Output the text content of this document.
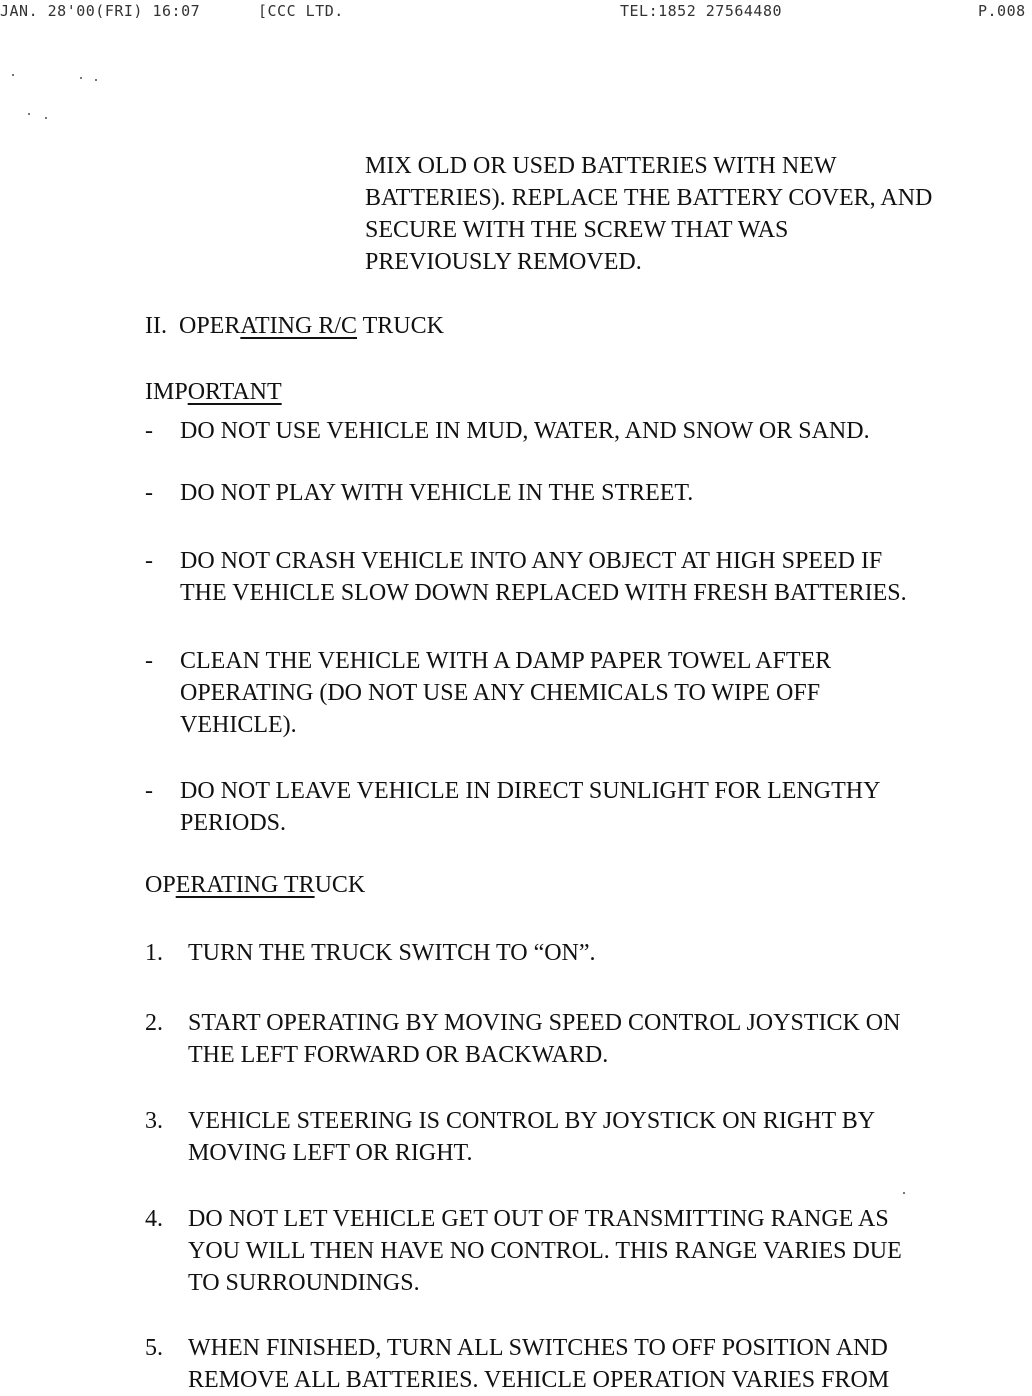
JAN. 28'00(FRI) 16:07	[CCC LTD.	TEL:1852 27564480	P.008

MIX OLD OR USED BATTERIES WITH NEW

BATTERIES). REPLACE THE BATTERY COVER, AND

SECURE WITH THE SCREW THAT WAS

PREVIOUSLY REMOVED.

II. OPERATING R/C TRUCK
IMPORTANT
-	DO NOT USE VEHICLE IN MUD, WATER, AND SNOW OR SAND.
-	DO NOT PLAY WITH VEHICLE IN THE STREET.
-	DO NOT CRASH VEHICLE INTO ANY OBJECT AT HIGH SPEED IF
THE VEHICLE SLOW DOWN REPLACED WITH FRESH BATTERIES.
-	CLEAN THE VEHICLE WITH A DAMP PAPER TOWEL AFTER
OPERATING (DO NOT USE ANY CHEMICALS TO WIPE OFF
VEHICLE).
-	DO NOT LEAVE VEHICLE IN DIRECT SUNLIGHT FOR LENGTHY
PERIODS.
OPERATING TRUCK
1.	TURN THE TRUCK SWITCH TO “ON”.
2.	START OPERATING BY MOVING SPEED CONTROL JOYSTICK ON
THE LEFT FORWARD OR BACKWARD.
3.	VEHICLE STEERING IS CONTROL BY JOYSTICK ON RIGHT BY
MOVING LEFT OR RIGHT.
4.	DO NOT LET VEHICLE GET OUT OF TRANSMITTING RANGE AS
YOU WILL THEN HAVE NO CONTROL. THIS RANGE VARIES DUE
TO SURROUNDINGS.
5.	WHEN FINISHED, TURN ALL SWITCHES TO OFF POSITION AND
REMOVE ALL BATTERIES. VEHICLE OPERATION VARIES FROM
